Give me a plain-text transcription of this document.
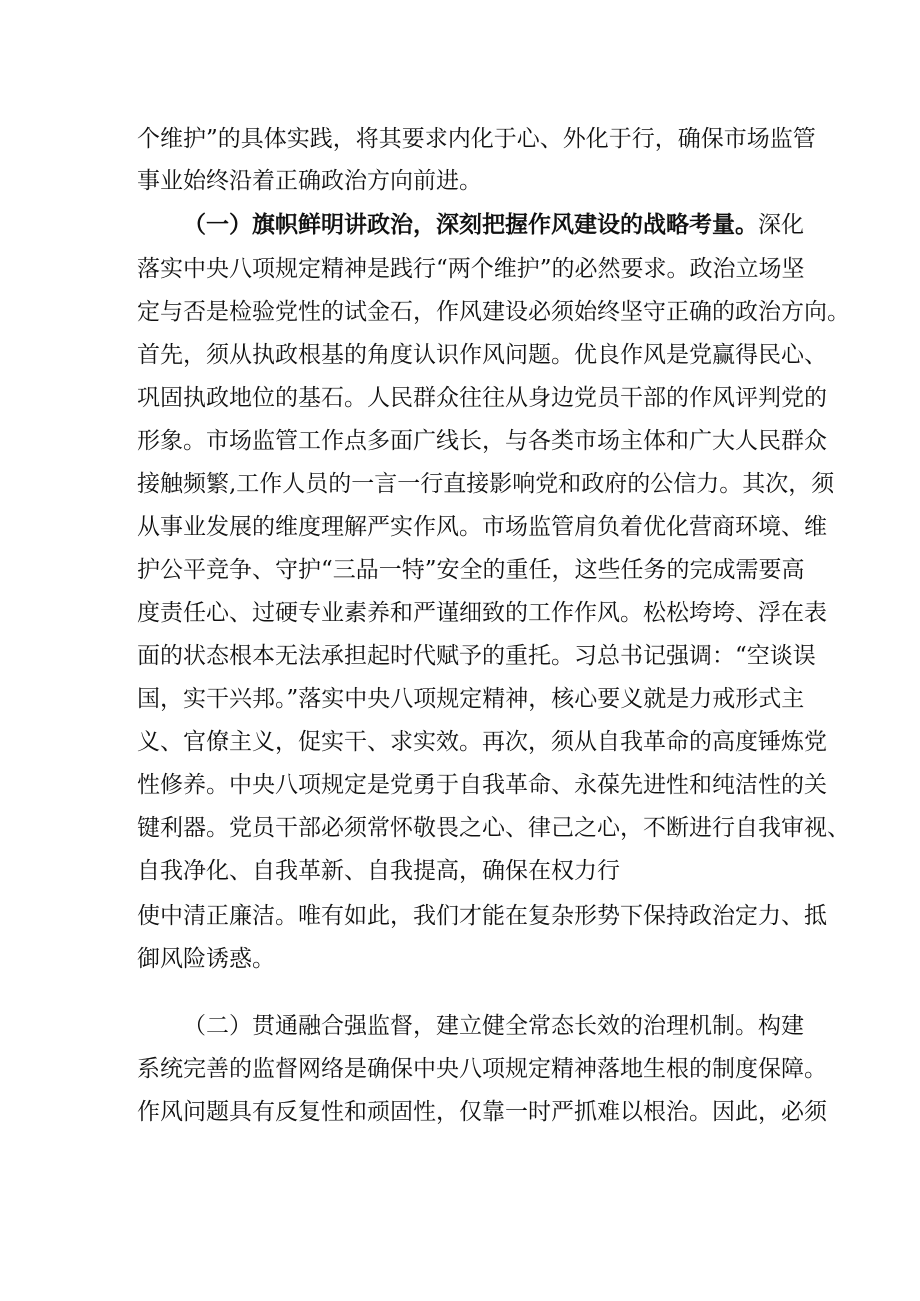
个维护”的具体实践，将其要求内化于心、外化于行，确保市场监管
事业始终沿着正确政治方向前进。
（一）旗帜鲜明讲政治，深刻把握作风建设的战略考量。深化
落实中央八项规定精神是践行“两个维护”的必然要求。政治立场坚
定与否是检验党性的试金石，作风建设必须始终坚守正确的政治方向。
首先，须从执政根基的角度认识作风问题。优良作风是党赢得民心、
巩固执政地位的基石。人民群众往往从身边党员干部的作风评判党的
形象。市场监管工作点多面广线长，与各类市场主体和广大人民群众
接触频繁,工作人员的一言一行直接影响党和政府的公信力。其次，须
从事业发展的维度理解严实作风。市场监管肩负着优化营商环境、维
护公平竞争、守护“三品一特”安全的重任，这些任务的完成需要高
度责任心、过硬专业素养和严谨细致的工作作风。松松垮垮、浮在表
面的状态根本无法承担起时代赋予的重托。习总书记强调：“空谈误
国，实干兴邦。”落实中央八项规定精神，核心要义就是力戒形式主
义、官僚主义，促实干、求实效。再次，须从自我革命的高度锤炼党
性修养。中央八项规定是党勇于自我革命、永葆先进性和纯洁性的关
键利器。党员干部必须常怀敬畏之心、律己之心，不断进行自我审视、
自我净化、自我革新、自我提高，确保在权力行
使中清正廉洁。唯有如此，我们才能在复杂形势下保持政治定力、抵
御风险诱惑。
（二）贯通融合强监督，建立健全常态长效的治理机制。构建
系统完善的监督网络是确保中央八项规定精神落地生根的制度保障。
作风问题具有反复性和顽固性，仅靠一时严抓难以根治。因此，必须
